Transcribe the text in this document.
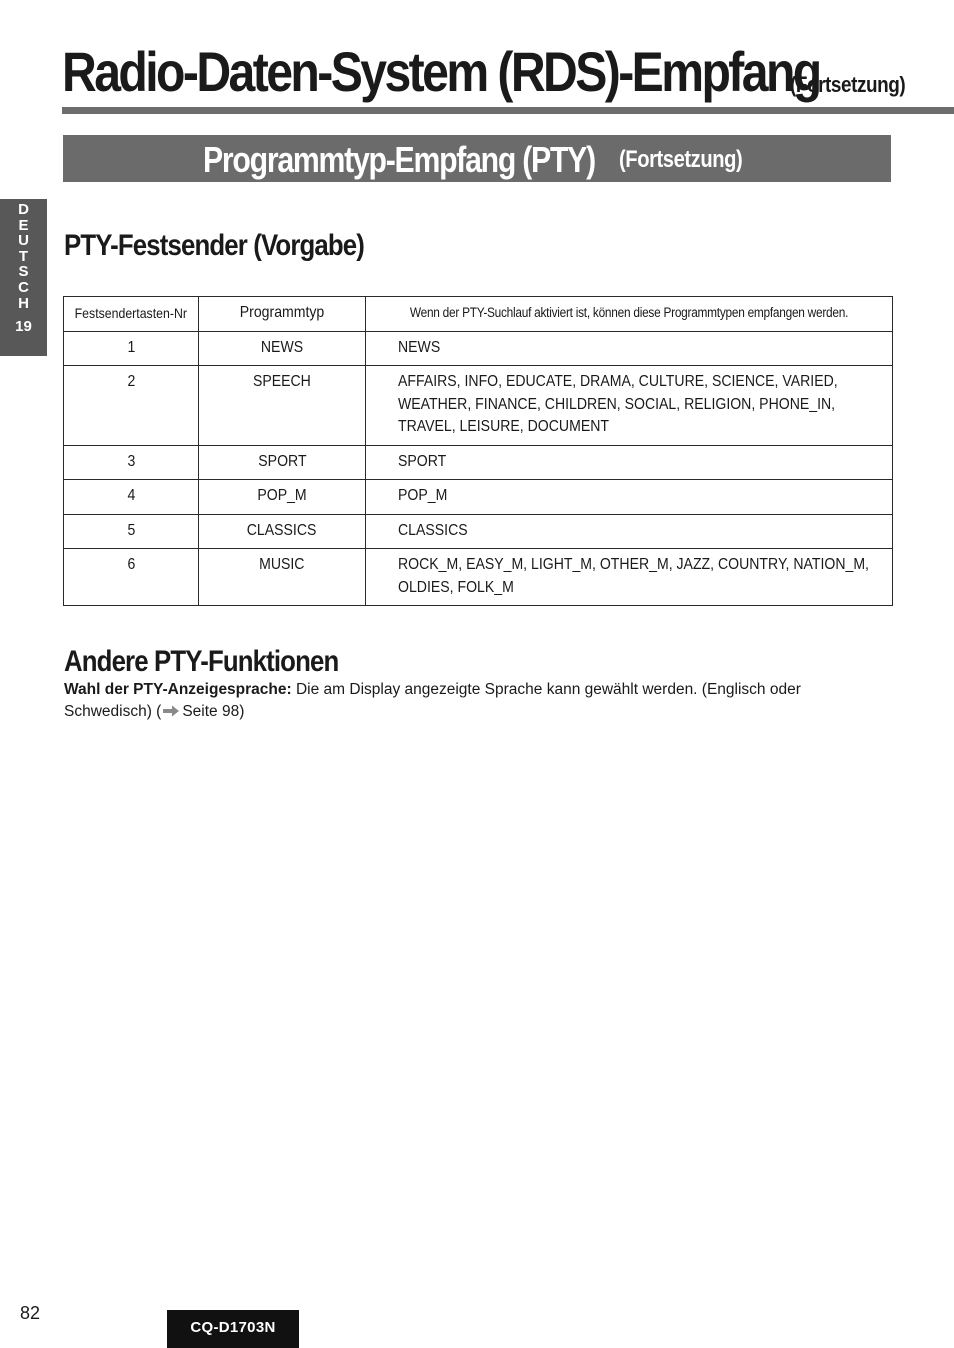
Radio-Daten-System (RDS)-Empfang
(Fortsetzung)
Programmtyp-Empfang (PTY) (Fortsetzung)
D
E
U
T
S
C
H
19
PTY-Festsender (Vorgabe)
Festsendertasten-Nr	Programmtyp	Wenn der PTY-Suchlauf aktiviert ist, können diese Programmtypen empfangen werden.
1	NEWS	NEWS
2	SPEECH	AFFAIRS, INFO, EDUCATE, DRAMA, CULTURE, SCIENCE, VARIED,
WEATHER, FINANCE, CHILDREN, SOCIAL, RELIGION, PHONE_IN,
TRAVEL, LEISURE, DOCUMENT
3	SPORT	SPORT
4	POP_M	POP_M
5	CLASSICS	CLASSICS
6	MUSIC	ROCK_M, EASY_M, LIGHT_M, OTHER_M, JAZZ, COUNTRY, NATION_M,
OLDIES, FOLK_M
Andere PTY-Funktionen
Wahl der PTY-Anzeigesprache: Die am Display angezeigte Sprache kann gewählt werden. (Englisch oder Schwedisch) ( Seite 98)
82
CQ-D1703N
